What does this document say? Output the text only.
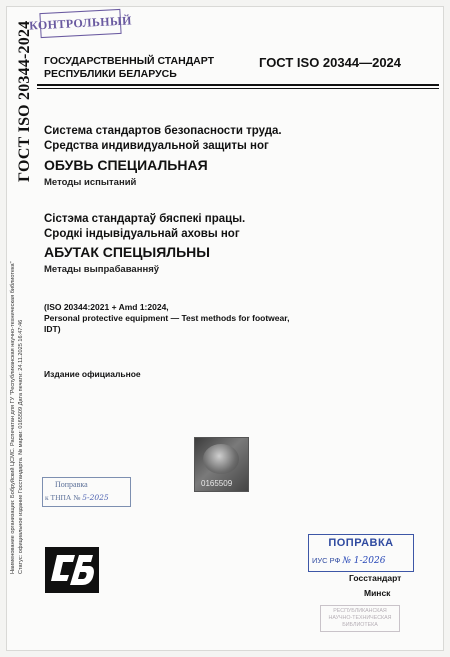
ГОСТ ISO 20344-2024
Наименование организации: Бобруйский ЦСМС. Распечатан для ГУ "Республиканская научно-техническая библиотека" Статус: официальное издание Госстандарта. № марки: 0165509 Дата печати: 24.11.2025 16:47:46
КОНТРОЛЬНЫЙ
ГОСУДАРСТВЕННЫЙ СТАНДАРТ
РЕСПУБЛИКИ БЕЛАРУСЬ
ГОСТ ISO 20344—2024
Система стандартов безопасности труда.
Средства индивидуальной защиты ног
ОБУВЬ СПЕЦИАЛЬНАЯ
Методы испытаний
Сістэма стандартаў бяспекі працы.
Сродкі індывідуальнай аховы ног
АБУТАК СПЕЦЫЯЛЬНЫ
Метады выпрабаванняў
(ISO 20344:2021 + Amd 1:2024,
Personal protective equipment — Test methods for footwear,
IDT)
Издание официальное
0165509
Поправка
к ТНПА № 5-2025
ПОПРАВКА
ИУС РФ № 1-2026
Госстандарт
Минск
РЕСПУБЛИКАНСКАЯ
НАУЧНО-ТЕХНИЧЕСКАЯ
БИБЛИОТЕКА
